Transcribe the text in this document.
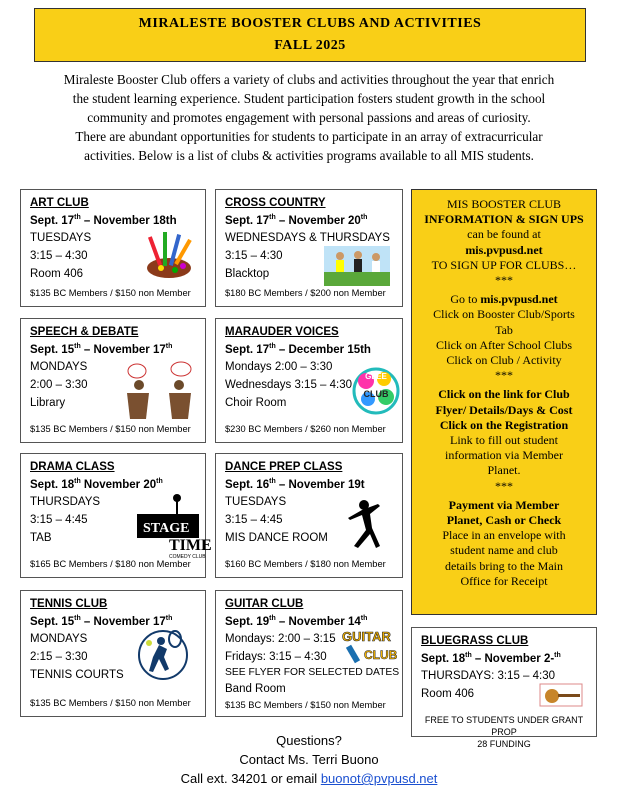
MIRALESTE BOOSTER CLUBS AND ACTIVITIES
FALL 2025

Miraleste Booster Club offers a variety of clubs and activities throughout the year that enrich

the student learning experience. Student participation fosters student growth in the school

community and promotes engagement with personal passions and areas of curiosity.

There are abundant opportunities for students to participate in an array of extracurricular

activities. Below is a list of clubs & activities programs available to all MIS students.

ART CLUB
Sept. 17th – November 18th
TUESDAYS
3:15 – 4:30
Room 406
$135 BC Members / $150 non Member
CROSS COUNTRY
Sept. 17th – November 20th
WEDNESDAYS & THURSDAYS
3:15 – 4:30
Blacktop
$180 BC Members / $200 non Member
SPEECH & DEBATE
Sept. 15th – November 17th
MONDAYS
2:00 – 3:30
Library
$135 BC Members / $150 non Member
MARAUDER VOICES
Sept. 17th – December 15th
Mondays 2:00 – 3:30
Wednesdays 3:15 – 4:30
Choir Room
$230 BC Members / $260 non Member
GLEE
CLUB
DRAMA CLASS
Sept. 18th November 20th
THURSDAYS
3:15 – 4:45
TAB
$165 BC Members / $180 non Member
STAGE
TIME
COMEDY CLUB
DANCE PREP CLASS
Sept. 16th – November 19t
TUESDAYS
3:15 – 4:45
MIS DANCE ROOM
$160 BC Members / $180 non Member
TENNIS CLUB
Sept. 15th – November 17th
MONDAYS
2:15 – 3:30
TENNIS COURTS
$135 BC Members / $150 non Member
GUITAR CLUB
Sept. 19th – November 14th
Mondays: 2:00 – 3:15
Fridays: 3:15 – 4:30
SEE FLYER FOR SELECTED DATES
Band Room
$135 BC Members / $150 non Member
GUITAR
CLUB
MIS BOOSTER CLUB
INFORMATION & SIGN UPS
can be found at
mis.pvpusd.net
TO SIGN UP FOR CLUBS…
***
Go to mis.pvpusd.net
Click on Booster Club/Sports
Tab
Click on After School Clubs
Click on Club / Activity
***
Click on the link for Club
Flyer/ Details/Days & Cost
Click on the Registration
Link to fill out student
information via Member
Planet.
***
Payment via Member
Planet, Cash or Check
Place in an envelope with
student name and club
details bring to the Main
Office for Receipt
BLUEGRASS CLUB
Sept. 18th – November 2-$^{th}$
THURSDAYS: 3:15 – 4:30
Room 406
FREE TO STUDENTS UNDER GRANT PROP
28 FUNDING
Questions?
Contact Ms. Terri Buono
Call ext. 34201 or email buonot@pvpusd.net
